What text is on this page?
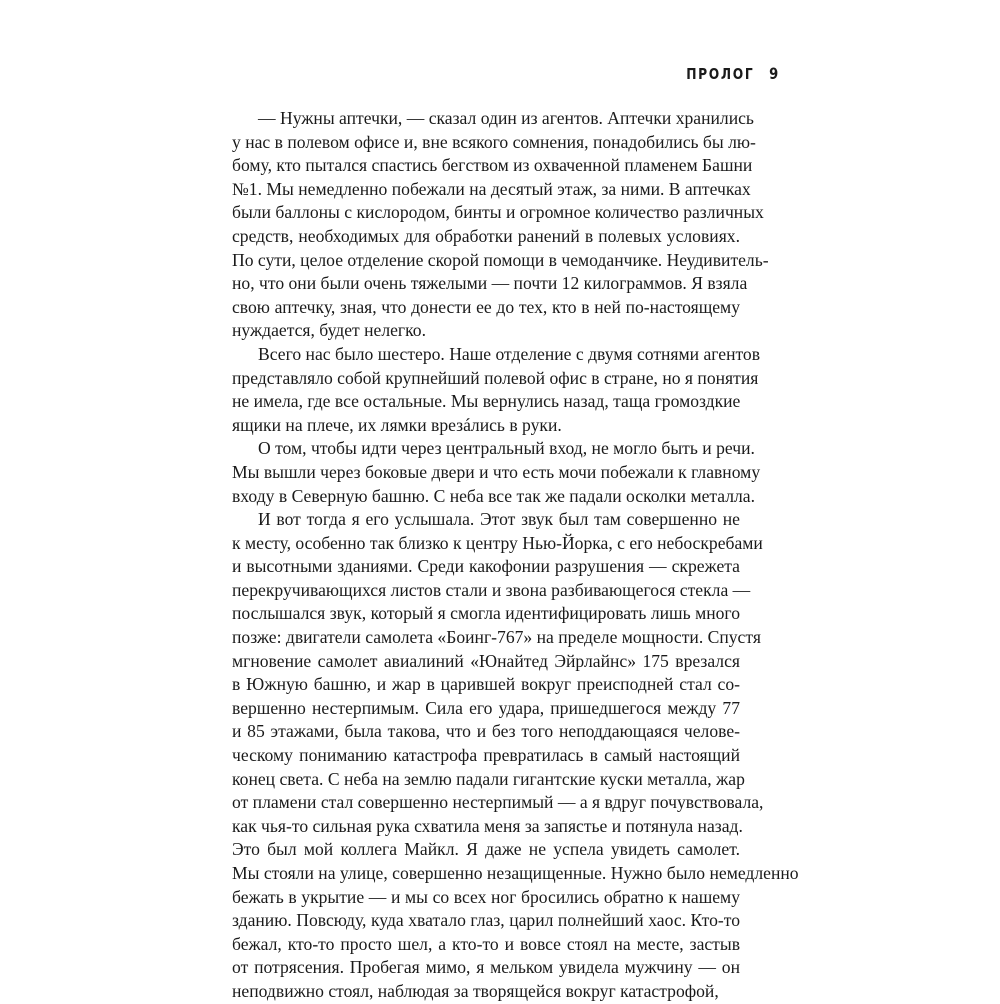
ПРОЛОГ 9
— Нужны аптечки, — сказал один из агентов. Аптечки хранились
у нас в полевом офисе и, вне всякого сомнения, понадобились бы лю-
бому, кто пытался спастись бегством из охваченной пламенем Башни
№1. Мы немедленно побежали на десятый этаж, за ними. В аптечках
были баллоны с кислородом, бинты и огромное количество различных
средств, необходимых для обработки ранений в полевых условиях.
По сути, целое отделение скорой помощи в чемоданчике. Неудивитель-
но, что они были очень тяжелыми — почти 12 килограммов. Я взяла
свою аптечку, зная, что донести ее до тех, кто в ней по-настоящему
нуждается, будет нелегко.
Всего нас было шестеро. Наше отделение с двумя сотнями агентов
представляло собой крупнейший полевой офис в стране, но я понятия
не имела, где все остальные. Мы вернулись назад, таща громоздкие
ящики на плече, их лямки врезáлись в руки.
О том, чтобы идти через центральный вход, не могло быть и речи.
Мы вышли через боковые двери и что есть мочи побежали к главному
входу в Северную башню. С неба все так же падали осколки металла.
И вот тогда я его услышала. Этот звук был там совершенно не
к месту, особенно так близко к центру Нью-Йорка, с его небоскребами
и высотными зданиями. Среди какофонии разрушения — скрежета
перекручивающихся листов стали и звона разбивающегося стекла —
послышался звук, который я смогла идентифицировать лишь много
позже: двигатели самолета «Боинг-767» на пределе мощности. Спустя
мгновение самолет авиалиний «Юнайтед Эйрлайнс» 175 врезался
в Южную башню, и жар в царившей вокруг преисподней стал со-
вершенно нестерпимым. Сила его удара, пришедшегося между 77
и 85 этажами, была такова, что и без того неподдающаяся челове-
ческому пониманию катастрофа превратилась в самый настоящий
конец света. С неба на землю падали гигантские куски металла, жар
от пламени стал совершенно нестерпимый — а я вдруг почувствовала,
как чья-то сильная рука схватила меня за запястье и потянула назад.
Это был мой коллега Майкл. Я даже не успела увидеть самолет.
Мы стояли на улице, совершенно незащищенные. Нужно было немедленно
бежать в укрытие — и мы со всех ног бросились обратно к нашему
зданию. Повсюду, куда хватало глаз, царил полнейший хаос. Кто-то
бежал, кто-то просто шел, а кто-то и вовсе стоял на месте, застыв
от потрясения. Пробегая мимо, я мельком увидела мужчину — он
неподвижно стоял, наблюдая за творящейся вокруг катастрофой,
